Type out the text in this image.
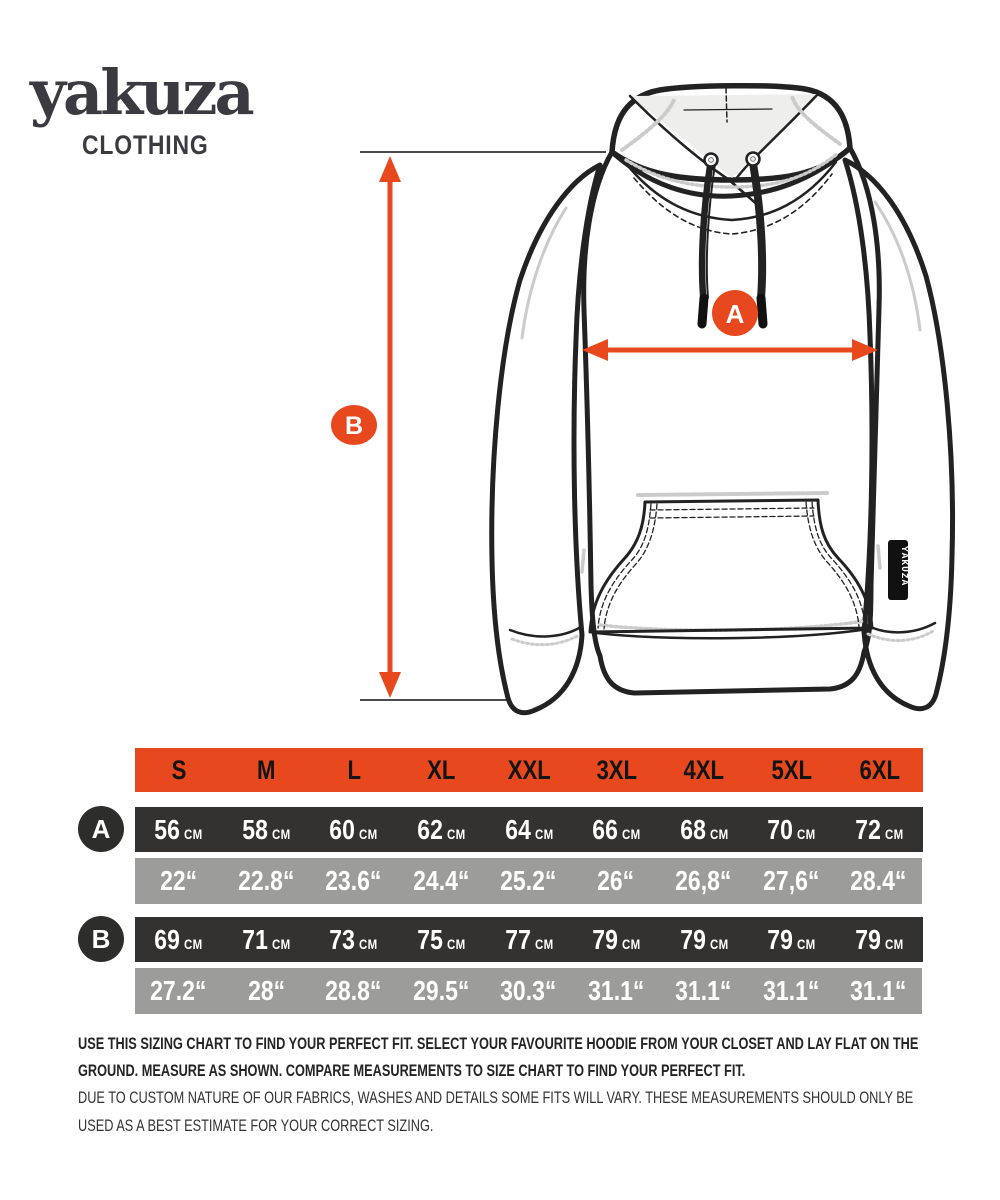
yakuza
CLOTHING
YAKUZA
B
A
S	M	L XL XXL 3XL 4XL 5XL 6XL
A 56 CM 58 CM 60 CM 62 CM 64 CM 66 CM 68 CM 70 CM 72 CM
22“ 22.8“ 23.6“ 24.4“ 25.2“ 26“ 26,8“ 27,6“ 28.4“
B 69 CM 71 CM 73 CM 75 CM 77 CM 79 CM 79 CM 79 CM 79 CM
27.2“ 28“ 28.8“ 29.5“ 30.3“ 31.1“ 31.1“ 31.1“ 31.1“

USE THIS SIZING CHART TO FIND YOUR PERFECT FIT. SELECT YOUR FAVOURITE HOODIE FROM YOUR CLOSET AND LAY FLAT ON THE GROUND. MEASURE AS SHOWN. COMPARE MEASUREMENTS TO SIZE CHART TO FIND YOUR PERFECT FIT.

DUE TO CUSTOM NATURE OF OUR FABRICS, WASHES AND DETAILS SOME FITS WILL VARY. THESE MEASUREMENTS SHOULD ONLY BE USED AS A BEST ESTIMATE FOR YOUR CORRECT SIZING.
